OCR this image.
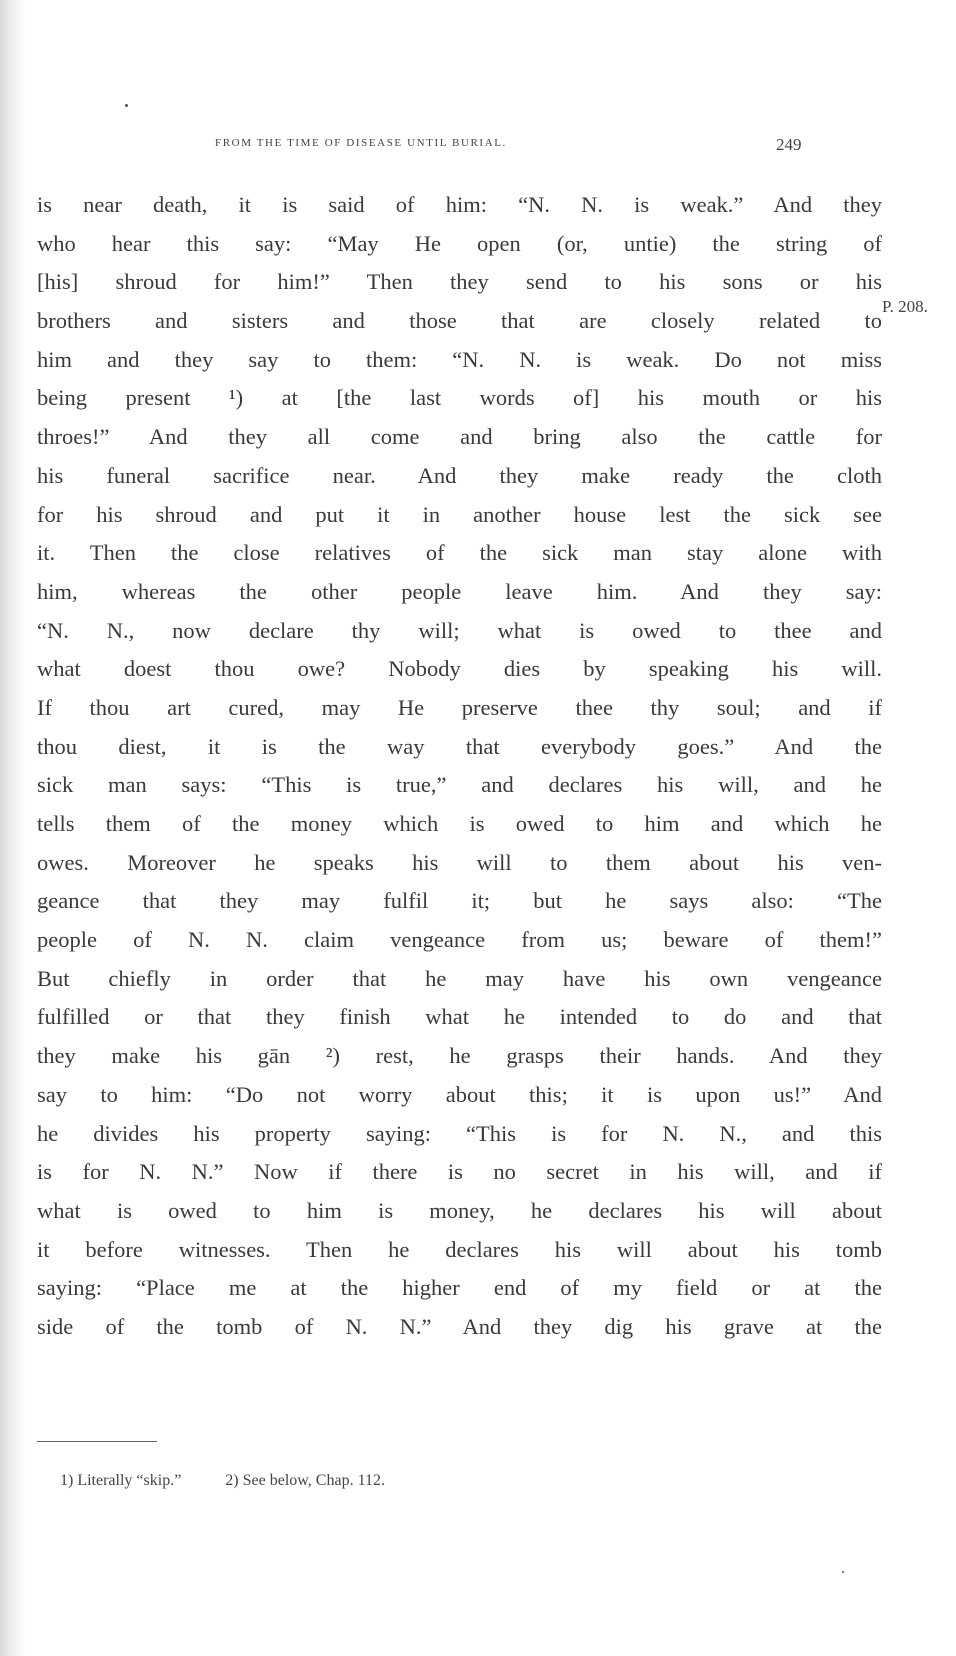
FROM THE TIME OF DISEASE UNTIL BURIAL.	249
is near death, it is said of him: “N. N. is weak.” And they
who hear this say: “May He open (or, untie) the string of
[his] shroud for him!” Then they send to his sons or his
brothers and sisters and those that are closely related to
him and they say to them: “N. N. is weak. Do not miss
being present ¹) at [the last words of] his mouth or his
throes!” And they all come and bring also the cattle for
his funeral sacrifice near. And they make ready the cloth
for his shroud and put it in another house lest the sick see
it. Then the close relatives of the sick man stay alone with
him, whereas the other people leave him. And they say:
“N. N., now declare thy will; what is owed to thee and
what doest thou owe? Nobody dies by speaking his will.
If thou art cured, may He preserve thee thy soul; and if
thou diest, it is the way that everybody goes.” And the
sick man says: “This is true,” and declares his will, and he
tells them of the money which is owed to him and which he
owes. Moreover he speaks his will to them about his ven-
geance that they may fulfil it; but he says also: “The
people of N. N. claim vengeance from us; beware of them!”
But chiefly in order that he may have his own vengeance
fulfilled or that they finish what he intended to do and that
they make his gān ²) rest, he grasps their hands. And they
say to him: “Do not worry about this; it is upon us!” And
he divides his property saying: “This is for N. N., and this
is for N. N.” Now if there is no secret in his will, and if
what is owed to him is money, he declares his will about
it before witnesses. Then he declares his will about his tomb
saying: “Place me at the higher end of my field or at the
side of the tomb of N. N.” And they dig his grave at the
P. 208.
1) Literally “skip.”	2) See below, Chap. 112.
